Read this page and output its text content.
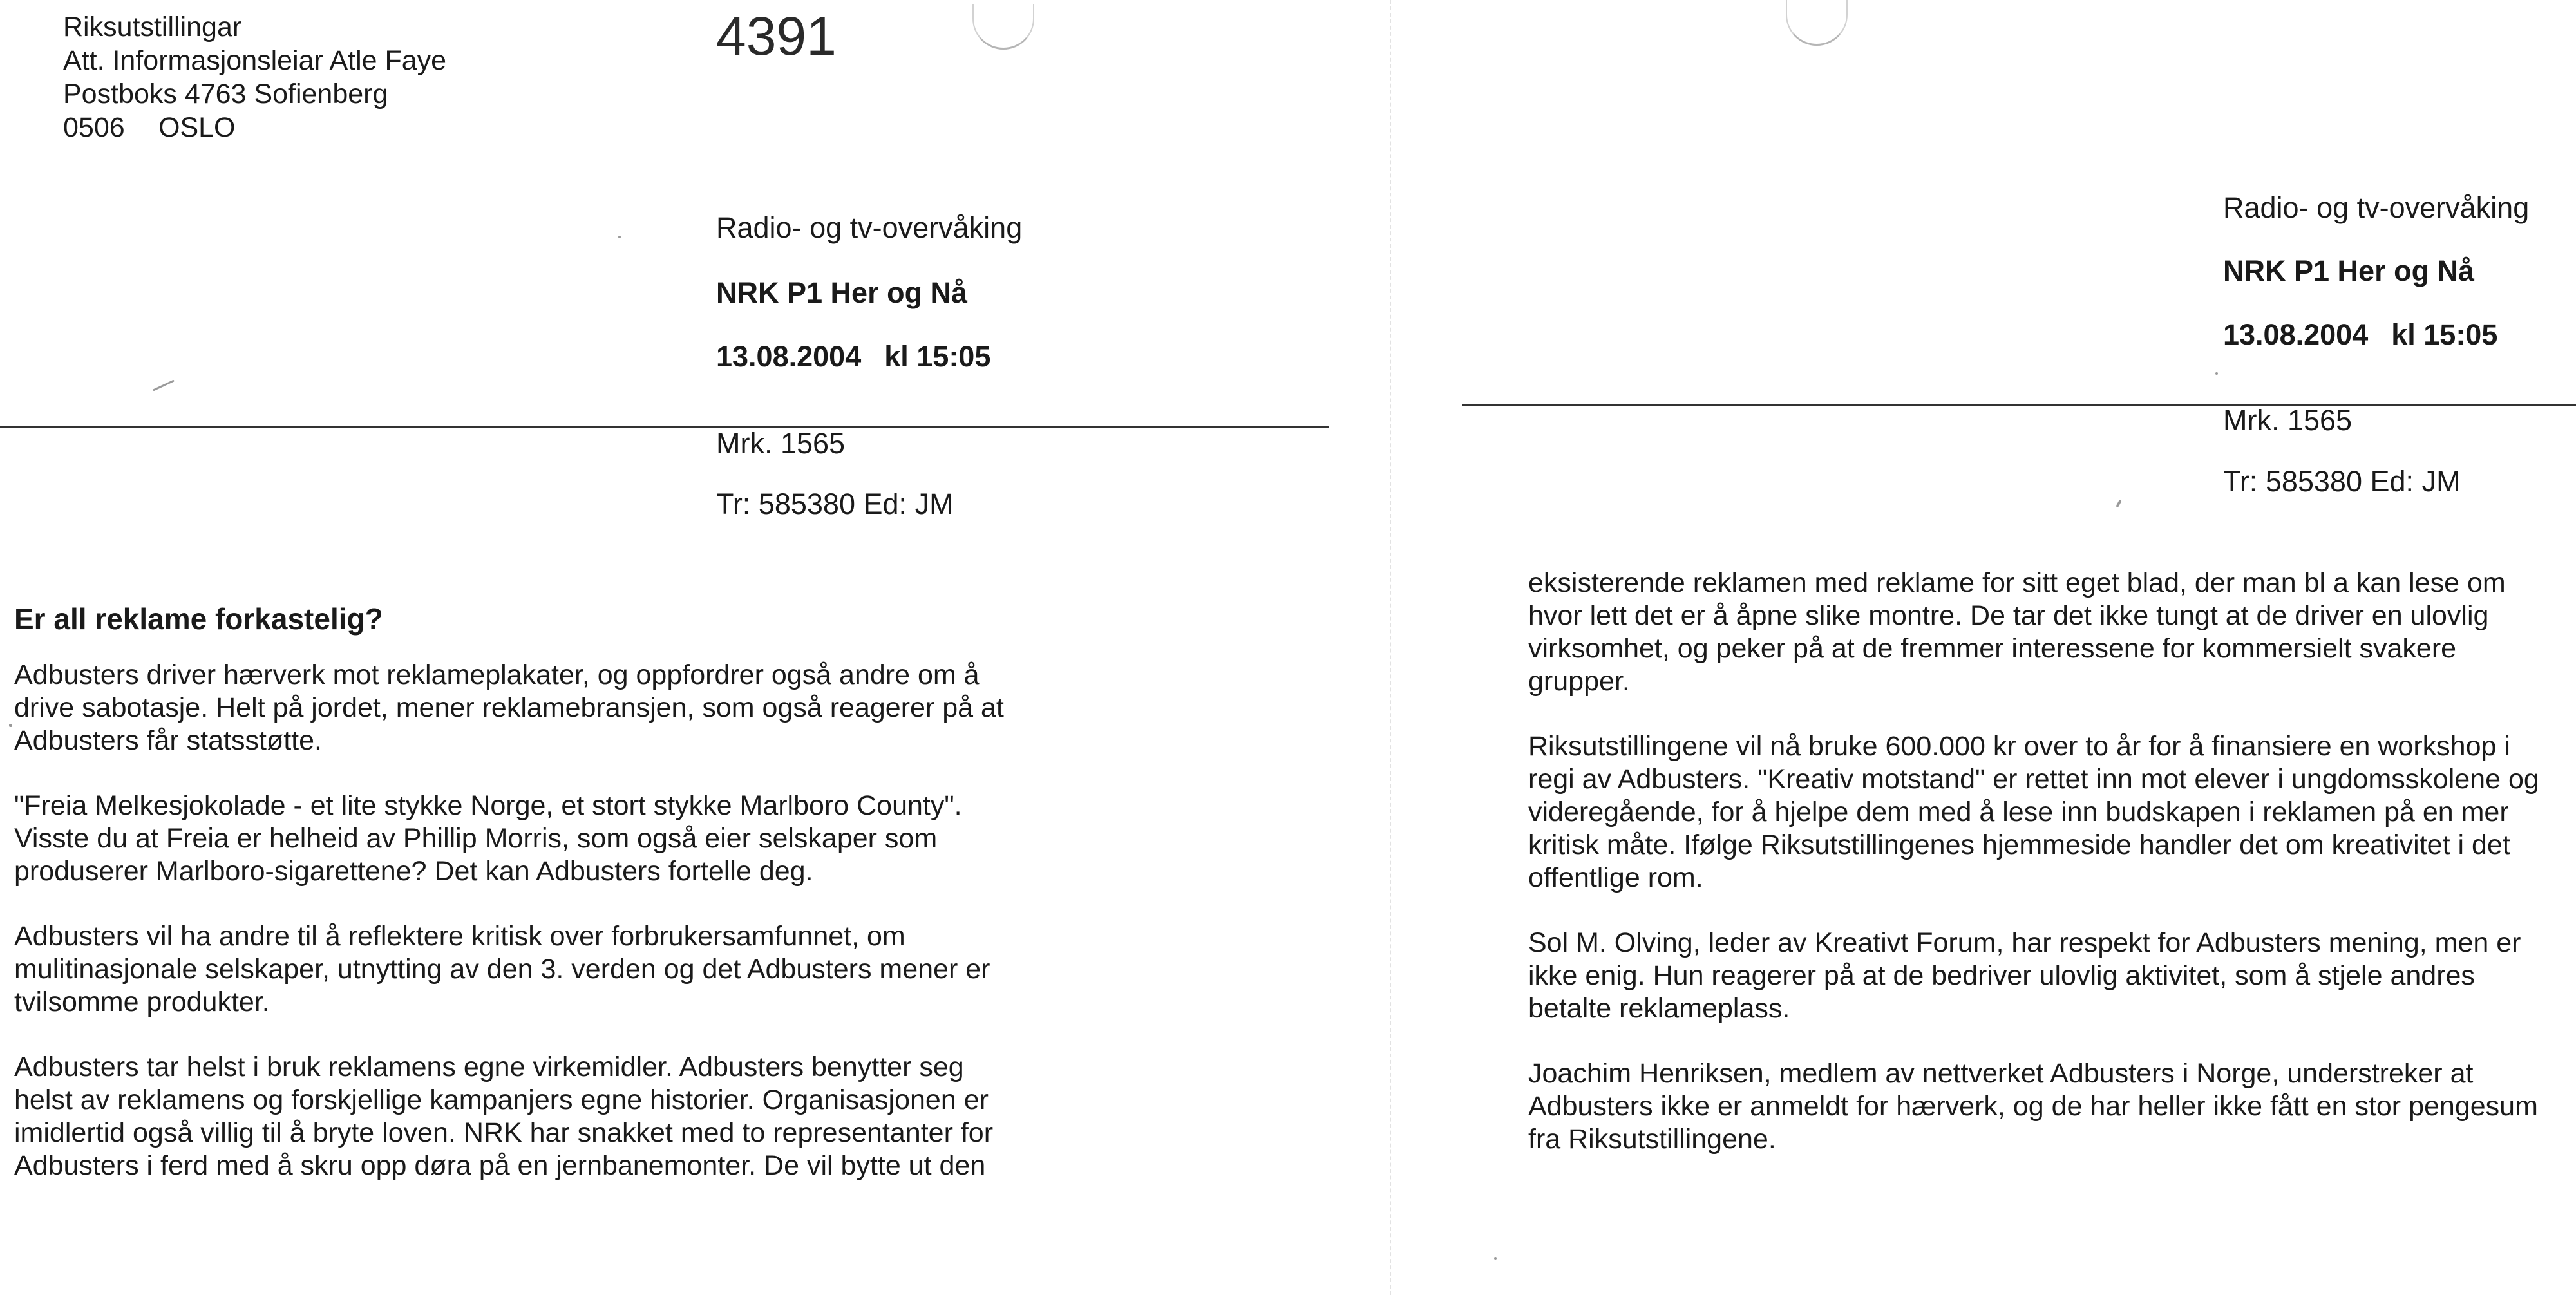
Riksutstillingar
Att. Informasjonsleiar Atle Faye
Postboks 4763 Sofienberg
0506 OSLO
4391
Radio- og tv-overvåking
NRK P1 Her og Nå
13.08.2004 kl 15:05
Mrk. 1565
Tr: 585380 Ed: JM
Er all reklame forkastelig?

Adbusters driver hærverk mot reklameplakater, og oppfordrer også andre om å drive sabotasje. Helt på jordet, mener reklamebransjen, som også reagerer på at Adbusters får statsstøtte.

"Freia Melkesjokolade - et lite stykke Norge, et stort stykke Marlboro County". Visste du at Freia er helheid av Phillip Morris, som også eier selskaper som produserer Marlboro-sigarettene? Det kan Adbusters fortelle deg.

Adbusters vil ha andre til å reflektere kritisk over forbrukersamfunnet, om mulitinasjonale selskaper, utnytting av den 3. verden og det Adbusters mener er tvilsomme produkter.

Adbusters tar helst i bruk reklamens egne virkemidler. Adbusters benytter seg helst av reklamens og forskjellige kampanjers egne historier. Organisasjonen er imidlertid også villig til å bryte loven. NRK har snakket med to representanter for Adbusters i ferd med å skru opp døra på en jernbanemonter. De vil bytte ut den

Radio- og tv-overvåking
NRK P1 Her og Nå
13.08.2004 kl 15:05
Mrk. 1565
Tr: 585380 Ed: JM

eksisterende reklamen med reklame for sitt eget blad, der man bl a kan lese om hvor lett det er å åpne slike montre. De tar det ikke tungt at de driver en ulovlig virksomhet, og peker på at de fremmer interessene for kommersielt svakere grupper.

Riksutstillingene vil nå bruke 600.000 kr over to år for å finansiere en workshop i regi av Adbusters. "Kreativ motstand" er rettet inn mot elever i ungdomsskolene og videregående, for å hjelpe dem med å lese inn budskapen i reklamen på en mer kritisk måte. Ifølge Riksutstillingenes hjemmeside handler det om kreativitet i det offentlige rom.

Sol M. Olving, leder av Kreativt Forum, har respekt for Adbusters mening, men er ikke enig. Hun reagerer på at de bedriver ulovlig aktivitet, som å stjele andres betalte reklameplass.

Joachim Henriksen, medlem av nettverket Adbusters i Norge, understreker at Adbusters ikke er anmeldt for hærverk, og de har heller ikke fått en stor pengesum fra Riksutstillingene.
